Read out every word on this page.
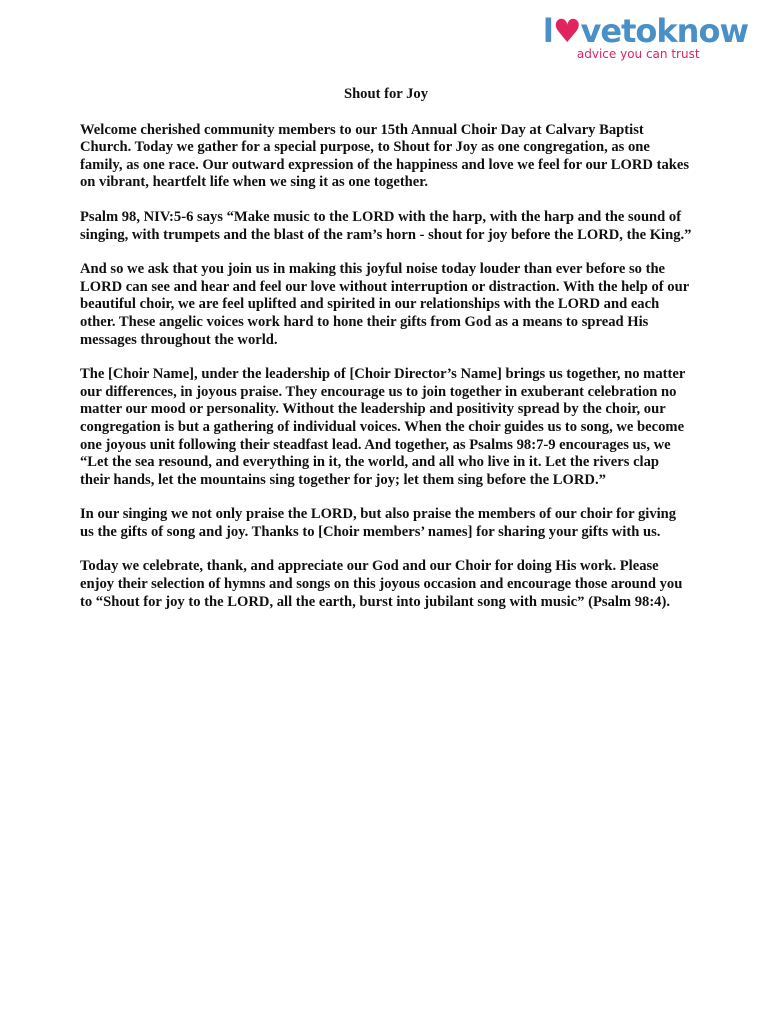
l♥vetoknow
advice you can trust
Shout for Joy

Welcome cherished community members to our 15th Annual Choir Day at Calvary Baptist Church. Today we gather for a special purpose, to Shout for Joy as one congregation, as one family, as one race. Our outward expression of the happiness and love we feel for our LORD takes on vibrant, heartfelt life when we sing it as one together.

Psalm 98, NIV:5-6 says “Make music to the LORD with the harp, with the harp and the sound of singing, with trumpets and the blast of the ram’s horn - shout for joy before the LORD, the King.”

And so we ask that you join us in making this joyful noise today louder than ever before so the LORD can see and hear and feel our love without interruption or distraction. With the help of our beautiful choir, we are feel uplifted and spirited in our relationships with the LORD and each other. These angelic voices work hard to hone their gifts from God as a means to spread His messages throughout the world.

The [Choir Name], under the leadership of [Choir Director’s Name] brings us together, no matter our differences, in joyous praise. They encourage us to join together in exuberant celebration no matter our mood or personality. Without the leadership and positivity spread by the choir, our congregation is but a gathering of individual voices. When the choir guides us to song, we become one joyous unit following their steadfast lead. And together, as Psalms 98:7-9 encourages us, we “Let the sea resound, and everything in it, the world, and all who live in it. Let the rivers clap their hands, let the mountains sing together for joy; let them sing before the LORD.”

In our singing we not only praise the LORD, but also praise the members of our choir for giving us the gifts of song and joy. Thanks to [Choir members’ names] for sharing your gifts with us.

Today we celebrate, thank, and appreciate our God and our Choir for doing His work. Please enjoy their selection of hymns and songs on this joyous occasion and encourage those around you to “Shout for joy to the LORD, all the earth, burst into jubilant song with music” (Psalm 98:4).
